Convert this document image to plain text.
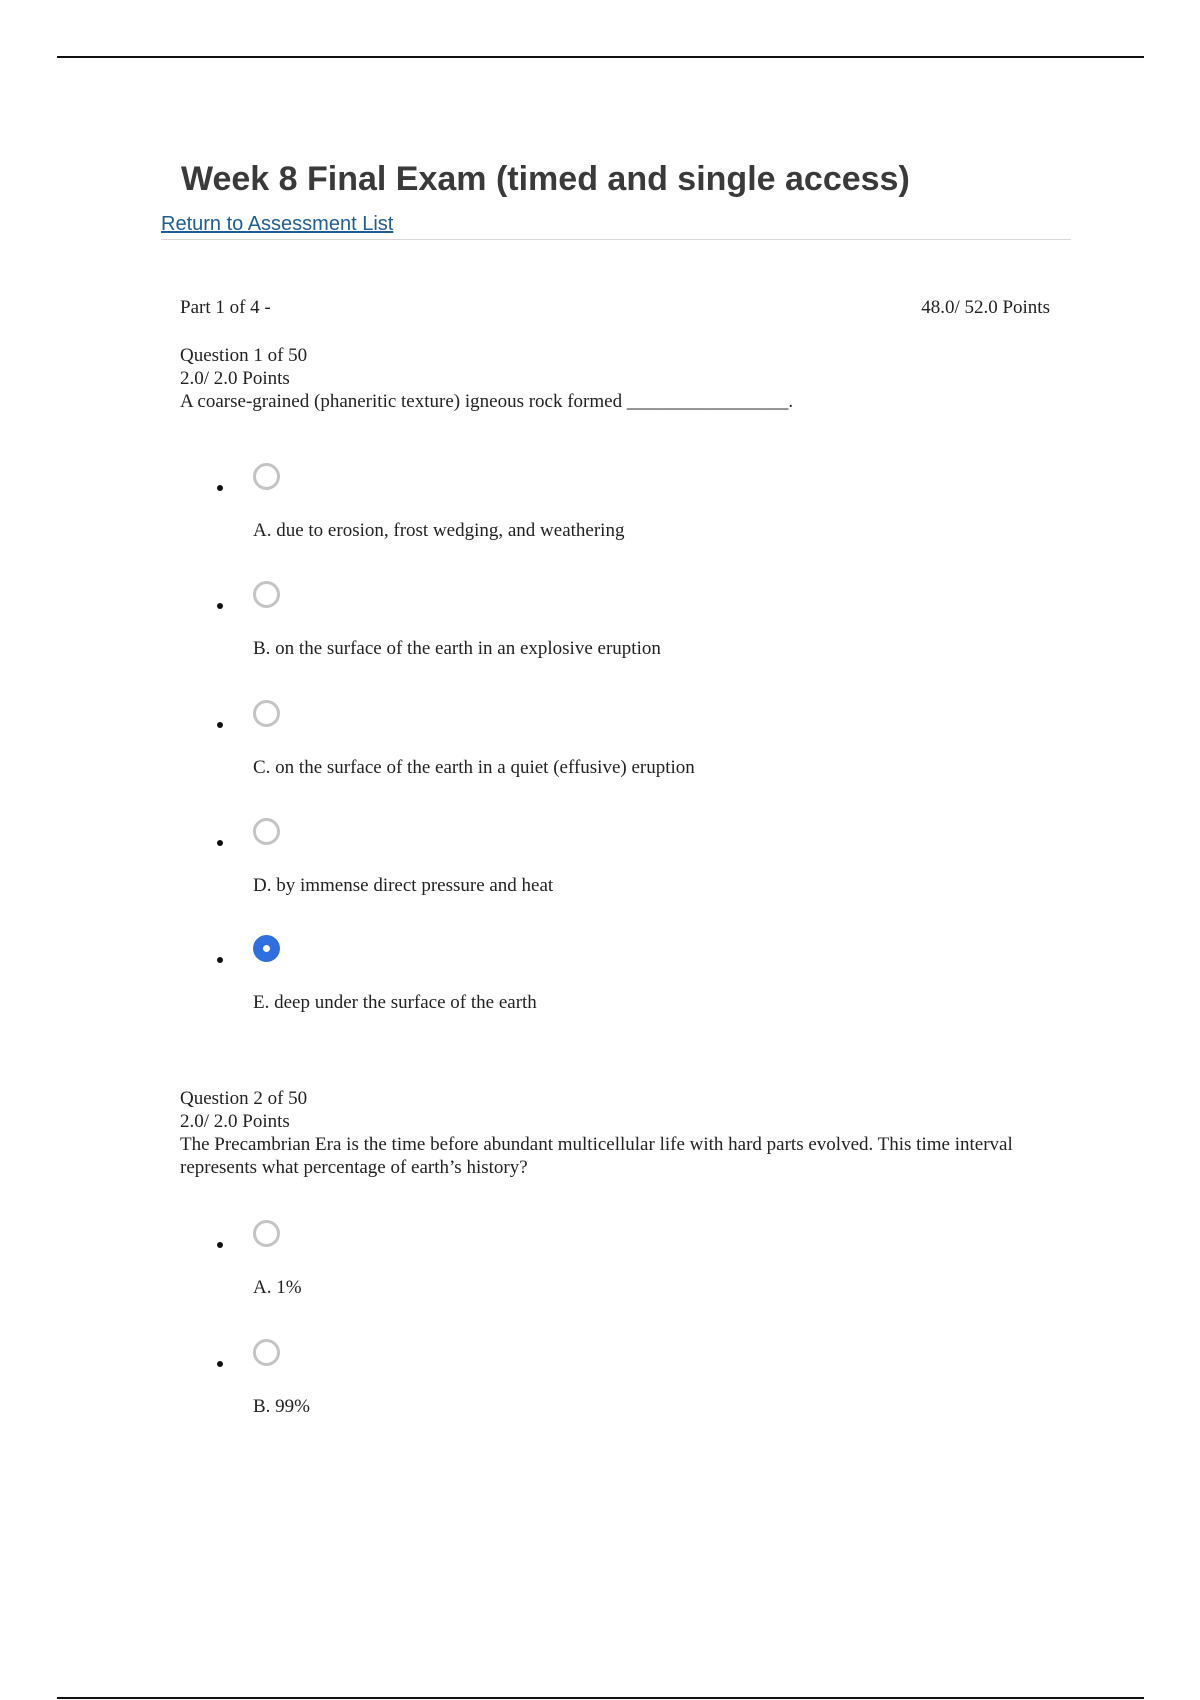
Week 8 Final Exam (timed and single access)
Return to Assessment List
Part 1 of 4 -	48.0/ 52.0 Points
Question 1 of 50
2.0/ 2.0 Points
A coarse-grained (phaneritic texture) igneous rock formed _________________.
A. due to erosion, frost wedging, and weathering
B. on the surface of the earth in an explosive eruption
C. on the surface of the earth in a quiet (effusive) eruption
D. by immense direct pressure and heat
E. deep under the surface of the earth
Question 2 of 50
2.0/ 2.0 Points
The Precambrian Era is the time before abundant multicellular life with hard parts evolved. This time interval represents what percentage of earth’s history?
A. 1%
B. 99%
